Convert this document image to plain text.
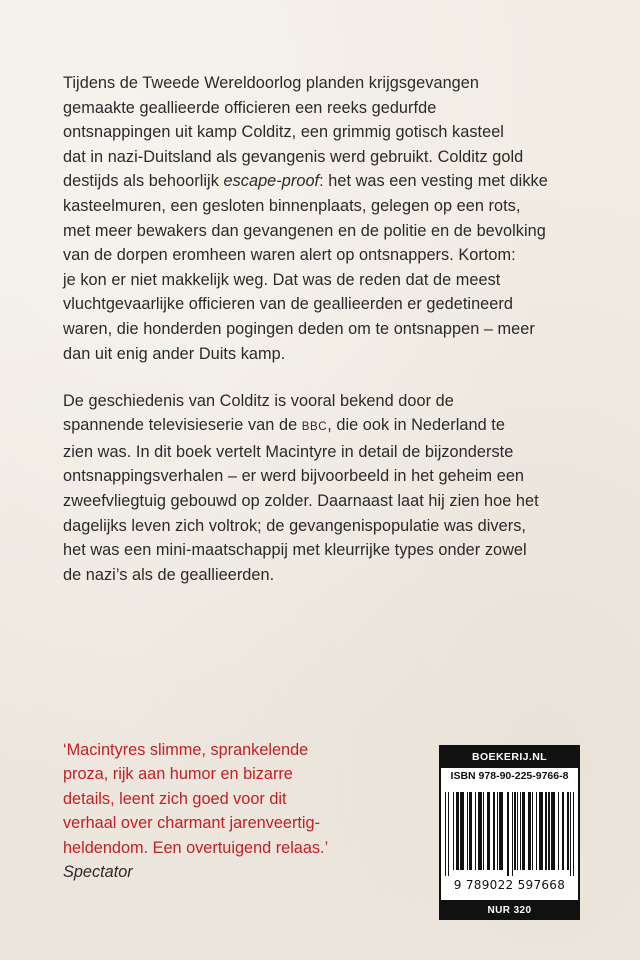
Tijdens de Tweede Wereldoorlog planden krijgsgevangen
gemaakte geallieerde officieren een reeks gedurfde
ontsnappingen uit kamp Colditz, een grimmig gotisch kasteel
dat in nazi-Duitsland als gevangenis werd gebruikt. Colditz gold
destijds als behoorlijk escape-proof: het was een vesting met dikke
kasteelmuren, een gesloten binnenplaats, gelegen op een rots,
met meer bewakers dan gevangenen en de politie en de bevolking
van de dorpen eromheen waren alert op ontsnappers. Kortom:
je kon er niet makkelijk weg. Dat was de reden dat de meest
vluchtgevaarlijke officieren van de geallieerden er gedetineerd
waren, die honderden pogingen deden om te ontsnappen – meer
dan uit enig ander Duits kamp.

De geschiedenis van Colditz is vooral bekend door de
spannende televisieserie van de BBC, die ook in Nederland te
zien was. In dit boek vertelt Macintyre in detail de bijzonderste
ontsnappingsverhalen – er werd bijvoorbeeld in het geheim een
zweefvliegtuig gebouwd op zolder. Daarnaast laat hij zien hoe het
dagelijks leven zich voltrok; de gevangenispopulatie was divers,
het was een mini-maatschappij met kleurrijke types onder zowel
de nazi’s als de geallieerden.

‘Macintyres slimme, sprankelende
proza, rijk aan humor en bizarre
details, leent zich goed voor dit
verhaal over charmant jarenveertig-
heldendom. Een overtuigend relaas.’
Spectator
BOEKERIJ.NL
ISBN 978-90-225-9766-8
9 789022 597668
NUR 320
